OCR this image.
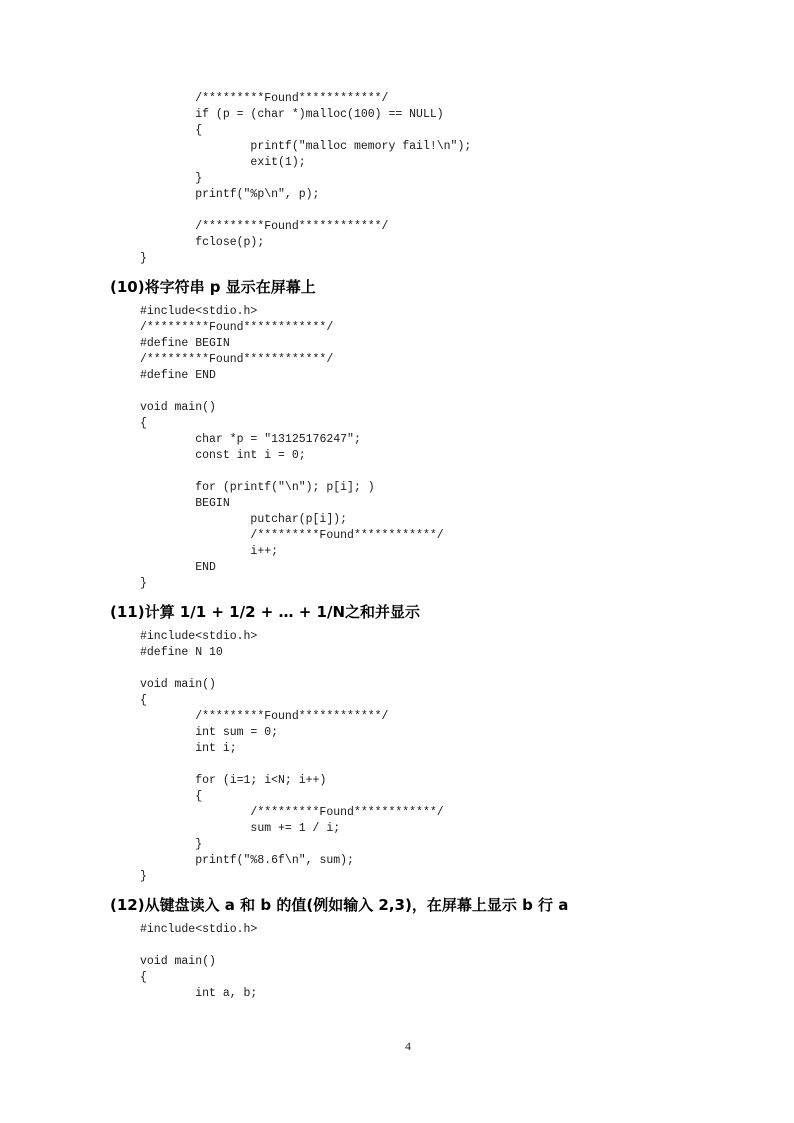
	/*********Found************/
	if (p = (char *)malloc(100) == NULL)
	{
		printf("malloc memory fail!\n");
		exit(1);
	}
	printf("%p\n", p);
	/*********Found************/
	fclose(p);
}
(10)将字符串 p 显示在屏幕上
#include<stdio.h>
/*********Found************/
#define BEGIN
/*********Found************/
#define END
void main()
{
	char *p = "13125176247";
	const int i = 0;
	for (printf("\n"); p[i]; )
	BEGIN
		putchar(p[i]);
		/*********Found************/
		i++;
	END
}
(11)计算 1/1 + 1/2 + … + 1/N之和并显示
#include<stdio.h>
#define N 10
void main()
{
	/*********Found************/
	int sum = 0;
	int i;
	for (i=1; i<N; i++)
	{
		/*********Found************/
		sum += 1 / i;
	}
	printf("%8.6f\n", sum);
}
(12)从键盘读入 a 和 b 的值(例如输入 2,3)，在屏幕上显示 b 行 a
#include<stdio.h>
void main()
{
	int a, b;
4
